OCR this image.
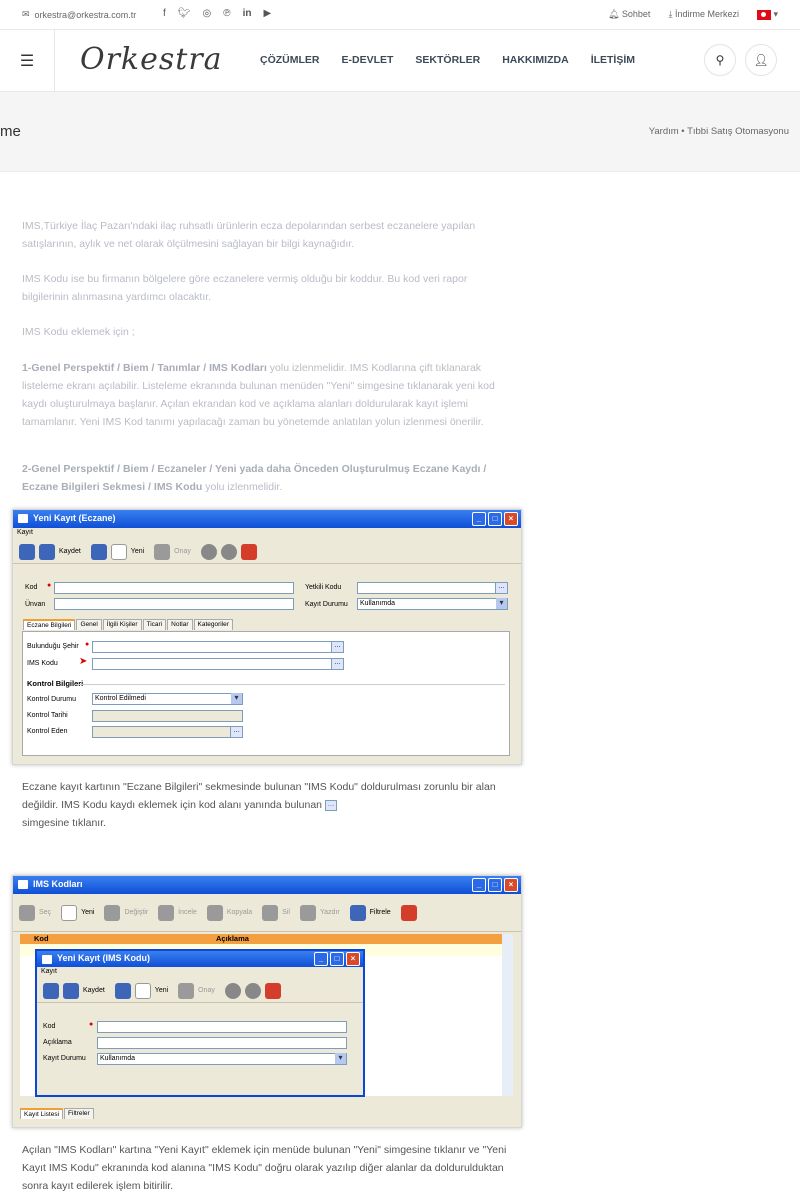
✉ orkestra@orkestra.com.tr	f 🐦︎ ◎ ℗ in ▶	🔔︎ Sohbet ⤓ İndirme Merkezi	▾
☰ Orkestra	ÇÖZÜMLER E-DEVLET SEKTÖRLER HAKKIMIZDA İLETİŞİM	⚲ 👤︎
me	Yardım • Tıbbi Satış Otomasyonu
IMS,Türkiye İlaç Pazarı'ndaki ilaç ruhsatlı ürünlerin ecza depolarından serbest eczanelere yapılan satışlarının, aylık ve net olarak ölçülmesini sağlayan bir bilgi kaynağıdır.
IMS Kodu ise bu firmanın bölgelere göre eczanelere vermiş olduğu bir koddur. Bu kod veri rapor bilgilerinin alınmasına yardımcı olacaktır.
IMS Kodu eklemek için ;
1-Genel Perspektif / Biem / Tanımlar / IMS Kodları yolu izlenmelidir. IMS Kodlarına çift tıklanarak listeleme ekranı açılabilir. Listeleme ekranında bulunan menüden "Yeni" simgesine tıklanarak yeni kod kaydı oluşturulmaya başlanır. Açılan ekrandan kod ve açıklama alanları doldurularak kayıt işlemi tamamlanır. Yeni IMS Kod tanımı yapılacağı zaman bu yönetemde anlatılan yolun izlenmesi önerilir.
2-Genel Perspektif / Biem / Eczaneler / Yeni yada daha Önceden Oluşturulmuş Eczane Kaydı / Eczane Bilgileri Sekmesi / IMS Kodu yolu izlenmelidir.
Yeni Kayıt (Eczane)	_	□	×
Kayıt
Kaydet	Yeni	Onay
Kod ●
Ünvan
Yetkili Kodu	…
Kayıt Durumu	Kullanımda ▾
Eczane Bilgileri	Genel	İlgili Kişiler	Ticari	Notlar	Kategoriler
Bulunduğu Şehir ●	…
IMS Kodu ➤	…
Kontrol Bilgileri
Kontrol Durumu	Kontrol Edilmedi ▾
Kontrol Tarihi
Kontrol Eden	…
Eczane kayıt kartının "Eczane Bilgileri" sekmesinde bulunan "IMS Kodu" doldurulması zorunlu bir alan değildir. IMS Kodu kaydı eklemek için kod alanı yanında bulunan …
simgesine tıklanır.
IMS Kodları	_	□	×
Seç	Yeni	Değiştir	İncele	Kopyala	Sil	Yazdır	Filtrele
Kod	Açıklama
Kayıt Listesi	Filtreler
Yeni Kayıt (IMS Kodu)	_	□	×
Kayıt
Kaydet	Yeni	Onay
Kod	●
Açıklama
Kayıt Durumu	Kullanımda ▾
Açılan "IMS Kodları" kartına "Yeni Kayıt" eklemek için menüde bulunan "Yeni" simgesine tıklanır ve "Yeni Kayıt IMS Kodu" ekranında kod alanına "IMS Kodu" doğru olarak yazılıp diğer alanlar da doldurulduktan sonra kayıt edilerek işlem bitirilir.
